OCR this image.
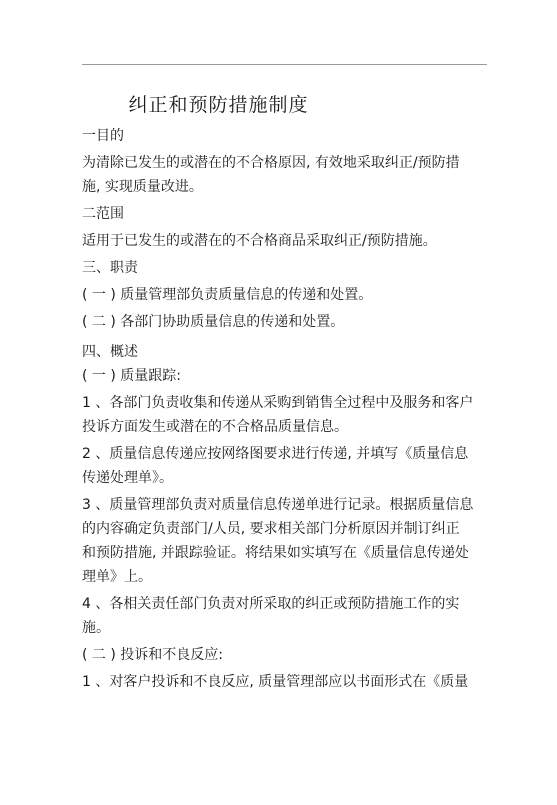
纠正和预防措施制度
一目的
为清除已发生的或潜在的不合格原因, 有效地采取纠正/预防措
施, 实现质量改进。
二范围
适用于已发生的或潜在的不合格商品采取纠正/预防措施。
三、职责
( 一 ) 质量管理部负责质量信息的传递和处置。
( 二 ) 各部门协助质量信息的传递和处置。
四、概述
( 一 ) 质量跟踪:
1 、各部门负责收集和传递从采购到销售全过程中及服务和客户
投诉方面发生或潜在的不合格品质量信息。
2 、质量信息传递应按网络图要求进行传递, 并填写《质量信息
传递处理单》。
3 、质量管理部负责对质量信息传递单进行记录。根据质量信息
的内容确定负责部门/人员, 要求相关部门分析原因并制订纠正
和预防措施, 并跟踪验证。将结果如实填写在《质量信息传递处
理单》上。
4 、各相关责任部门负责对所采取的纠正或预防措施工作的实
施。
( 二 ) 投诉和不良反应:
1 、对客户投诉和不良反应, 质量管理部应以书面形式在《质量
